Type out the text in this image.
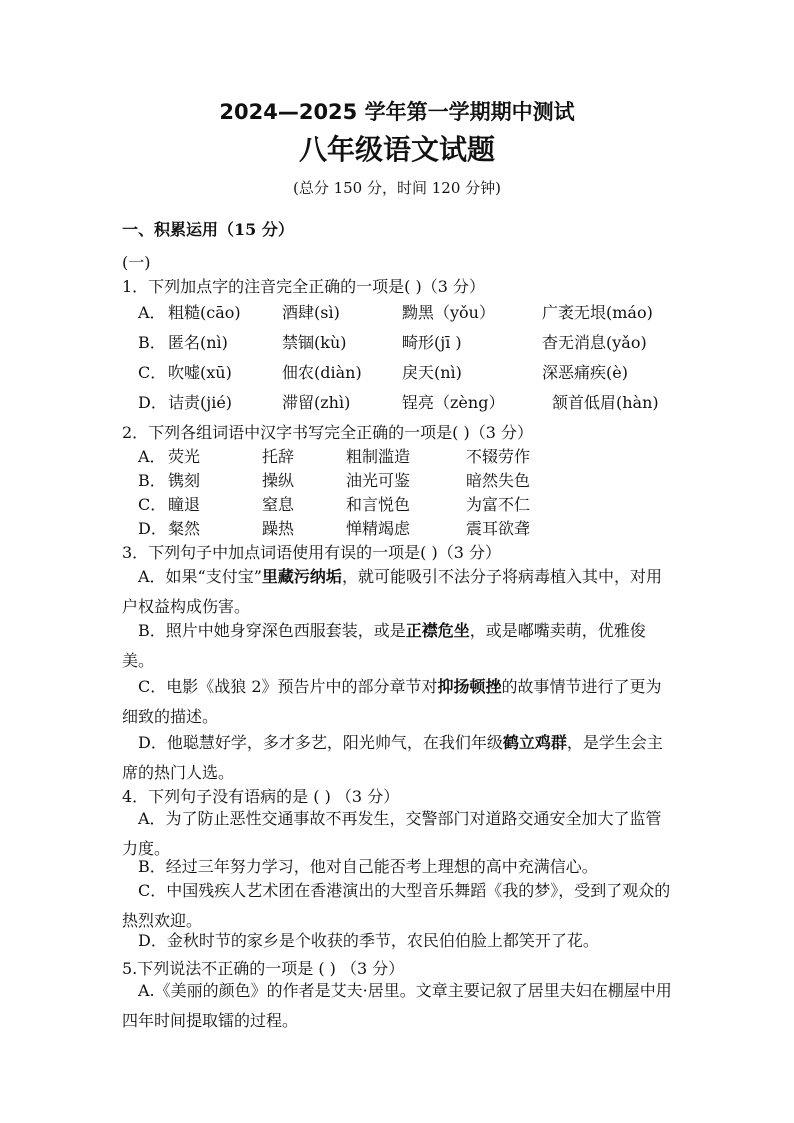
2024—2025 学年第一学期期中测试
八年级语文试题
(总分 150 分，时间 120 分钟)
一、积累运用（15 分）
(一)
1．下列加点字的注音完全正确的一项是( )（3 分）
A． 粗糙(cāo)	酒肆(sì)	黝黑（yǒu）	广袤无垠(máo)
B． 匿名(nì)	禁锢(kù)	畸形(jī )	杳无消息(yǎo)
C． 吹嘘(xū)	佃农(diàn)	戾天(nì)	深恶痛疾(è)
D． 诘责(jié)	滞留(zhì)	锃亮（zèng）	颔首低眉(hàn)
2．下列各组词语中汉字书写完全正确的一项是( )（3 分）
A． 荧光	托辞	粗制滥造	不辍劳作
B． 镌刻	操纵	油光可鉴	暗然失色
C． 瞳退	窒息	和言悦色	为富不仁
D． 粲然	躁热	惮精竭虑	震耳欲聋
3．下列句子中加点词语使用有误的一项是( )（3 分）
A．如果“支付宝”里藏污纳垢，就可能吸引不法分子将病毒植入其中，对用户权益构成伤害。
B．照片中她身穿深色西服套装，或是正襟危坐，或是嘟嘴卖萌，优雅俊美。
C．电影《战狼 2》预告片中的部分章节对抑扬顿挫的故事情节进行了更为细致的描述。
D．他聪慧好学，多才多艺，阳光帅气，在我们年级鹤立鸡群，是学生会主席的热门人选。
4．下列句子没有语病的是 ( ) （3 分）
A．为了防止恶性交通事故不再发生，交警部门对道路交通安全加大了监管力度。
B．经过三年努力学习，他对自己能否考上理想的高中充满信心。
C．中国残疾人艺术团在香港演出的大型音乐舞蹈《我的梦》，受到了观众的热烈欢迎。
D．金秋时节的家乡是个收获的季节，农民伯伯脸上都笑开了花。
5.下列说法不正确的一项是 ( ) （3 分）
A.《美丽的颜色》的作者是艾夫·居里。文章主要记叙了居里夫妇在棚屋中用四年时间提取镭的过程。
